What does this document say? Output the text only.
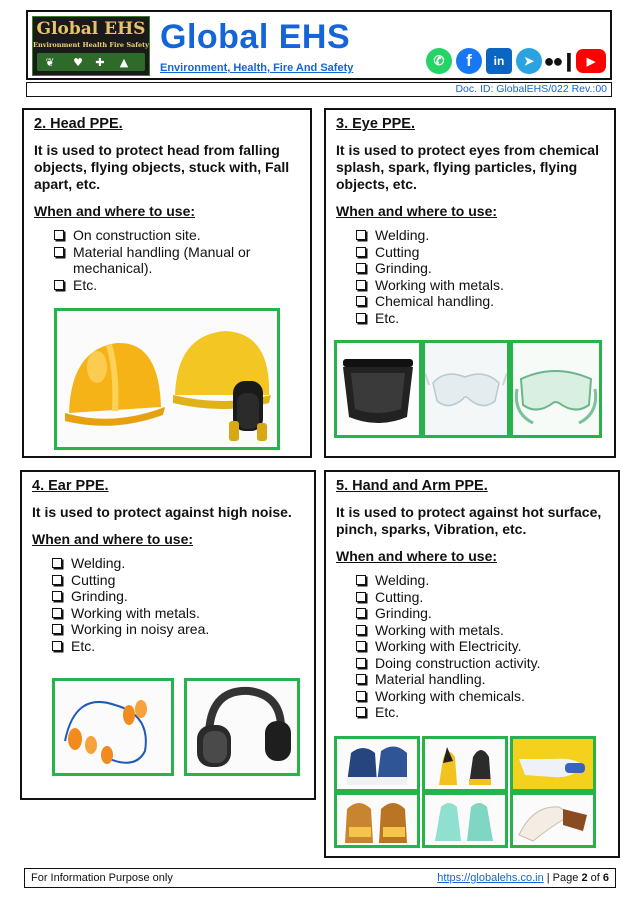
Global EHS
Environment Health Fire Safety
❦ ♥ ✚ ▲
Global EHS
Environment, Health, Fire And Safety	✆	f	in	➤ ●●❙	▶
Doc. ID: GlobalEHS/022 Rev.:00
2. Head PPE.
It is used to protect head from falling objects, flying objects, stuck with, Fall apart, etc.
When and where to use:
On construction site.
Material handling (Manual or mechanical).
Etc.
3. Eye PPE.
It is used to protect eyes from chemical splash, spark, flying particles, flying objects, etc.
When and where to use:
Welding.
Cutting
Grinding.
Working with metals.
Chemical handling.
Etc.
4. Ear PPE.
It is used to protect against high noise.
When and where to use:
Welding.
Cutting
Grinding.
Working with metals.
Working in noisy area.
Etc.
5. Hand and Arm PPE.
It is used to protect against hot surface, pinch, sparks, Vibration, etc.
When and where to use:
Welding.
Cutting.
Grinding.
Working with metals.
Working with Electricity.
Doing construction activity.
Material handling.
Working with chemicals.
Etc.
For Information Purpose only	https://globalehs.co.in | Page 2 of 6
